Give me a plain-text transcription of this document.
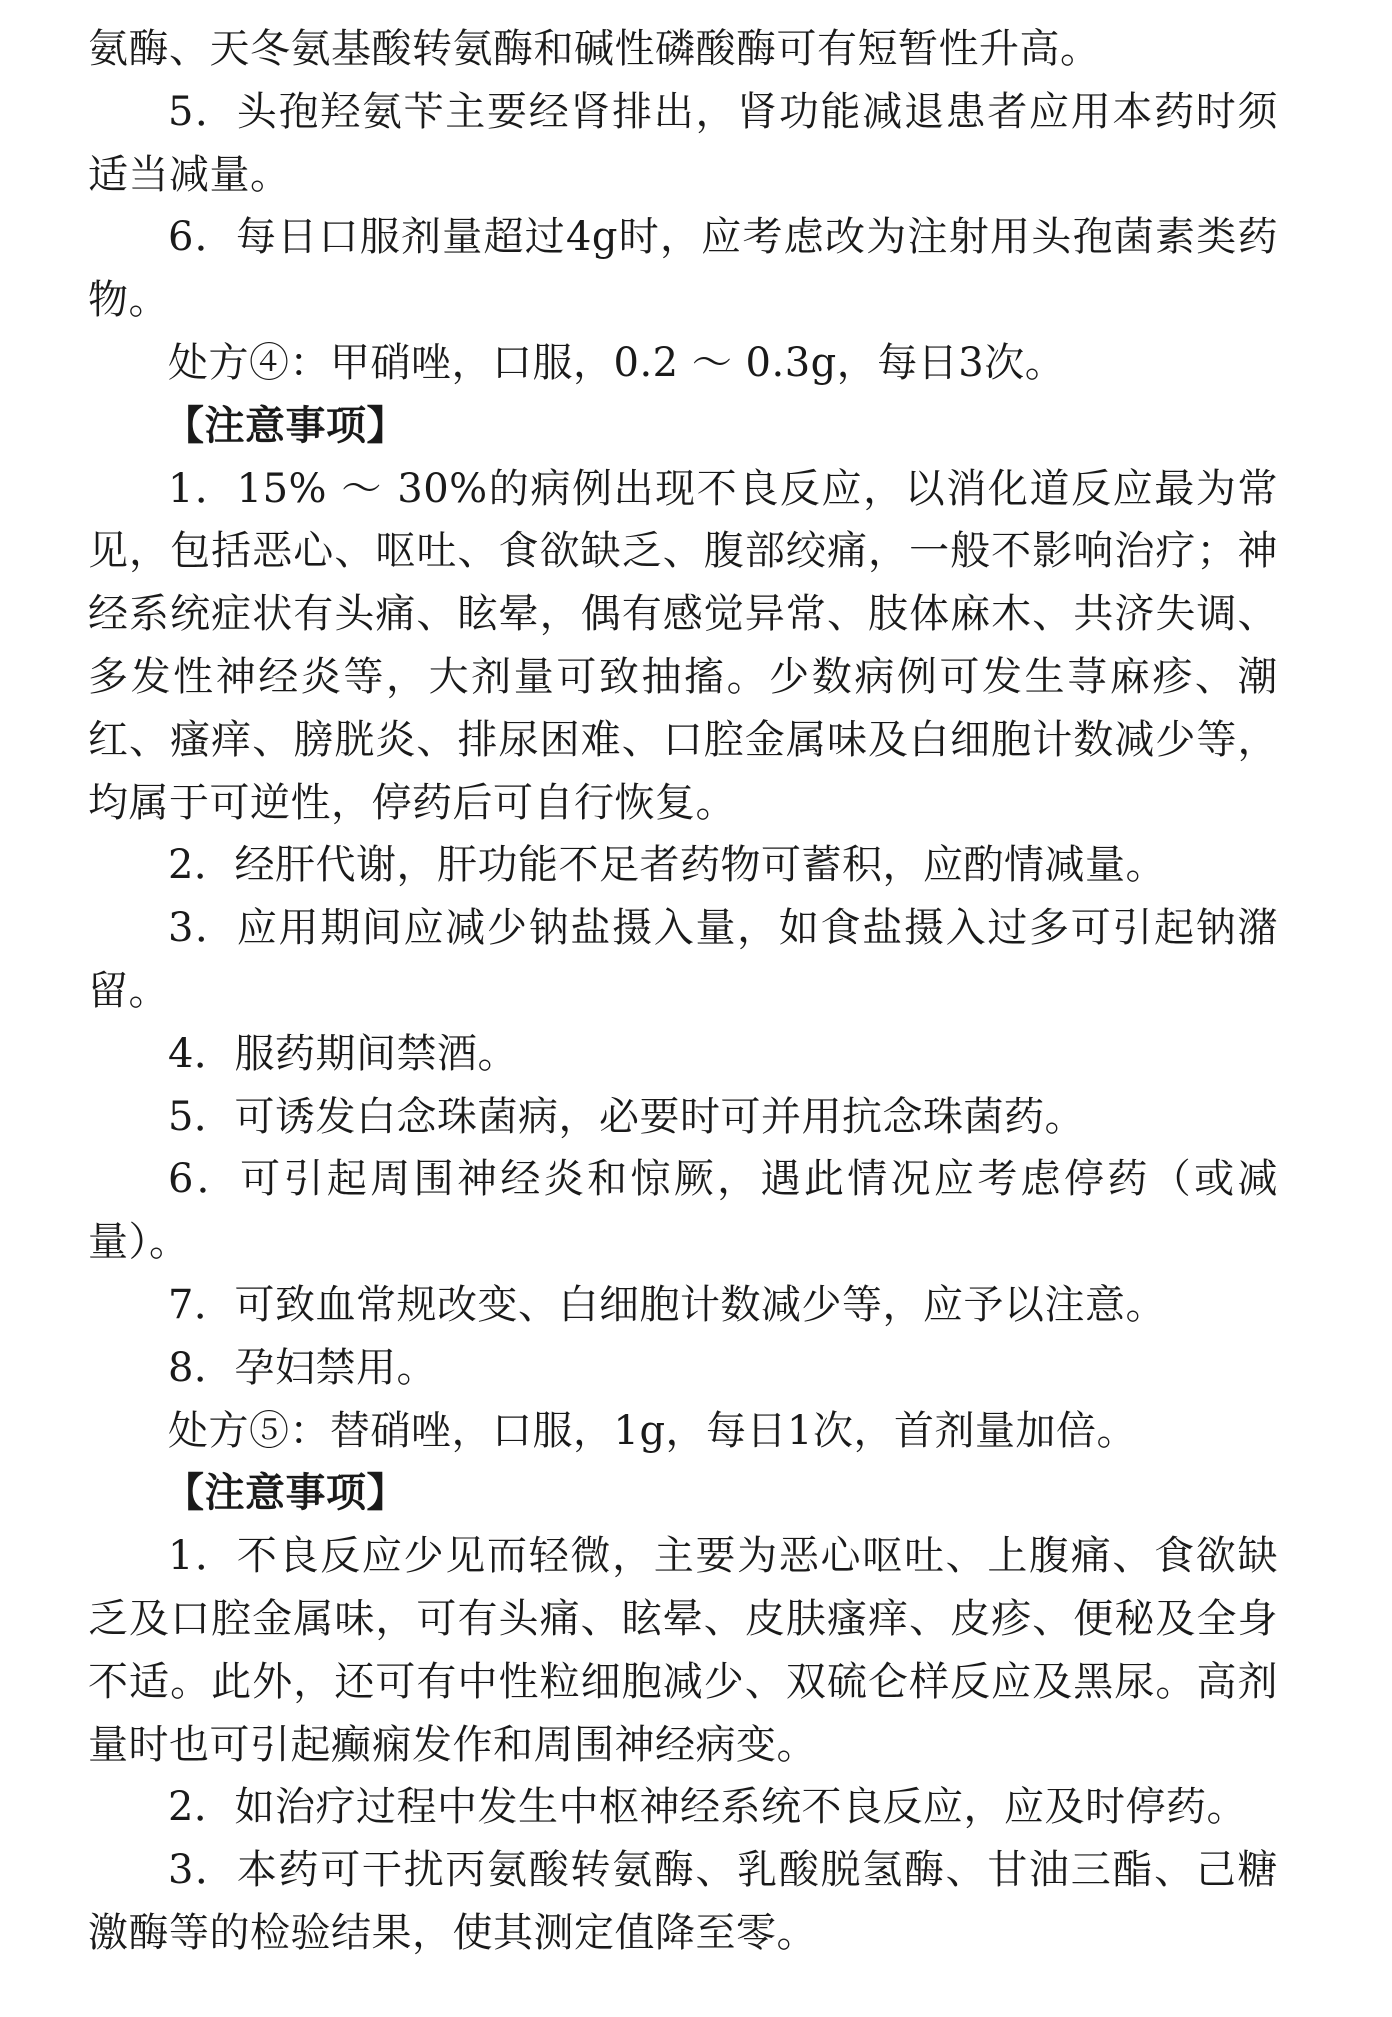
氨酶、天冬氨基酸转氨酶和碱性磷酸酶可有短暂性升高。

5．头孢羟氨苄主要经肾排出，肾功能减退患者应用本药时须适当减量。

6．每日口服剂量超过4g时，应考虑改为注射用头孢菌素类药物。

处方④：甲硝唑，口服，0.2 ～ 0.3g，每日3次。

【注意事项】

1．15% ～ 30%的病例出现不良反应，以消化道反应最为常见，包括恶心、呕吐、食欲缺乏、腹部绞痛，一般不影响治疗；神经系统症状有头痛、眩晕，偶有感觉异常、肢体麻木、共济失调、多发性神经炎等，大剂量可致抽搐。少数病例可发生荨麻疹、潮红、瘙痒、膀胱炎、排尿困难、口腔金属味及白细胞计数减少等，均属于可逆性，停药后可自行恢复。

2．经肝代谢，肝功能不足者药物可蓄积，应酌情减量。

3．应用期间应减少钠盐摄入量，如食盐摄入过多可引起钠潴留。

4．服药期间禁酒。

5．可诱发白念珠菌病，必要时可并用抗念珠菌药。

6．可引起周围神经炎和惊厥，遇此情况应考虑停药（或减量）。

7．可致血常规改变、白细胞计数减少等，应予以注意。

8．孕妇禁用。

处方⑤：替硝唑，口服，1g，每日1次，首剂量加倍。

【注意事项】

1．不良反应少见而轻微，主要为恶心呕吐、上腹痛、食欲缺乏及口腔金属味，可有头痛、眩晕、皮肤瘙痒、皮疹、便秘及全身不适。此外，还可有中性粒细胞减少、双硫仑样反应及黑尿。高剂量时也可引起癫痫发作和周围神经病变。

2．如治疗过程中发生中枢神经系统不良反应，应及时停药。

3．本药可干扰丙氨酸转氨酶、乳酸脱氢酶、甘油三酯、己糖激酶等的检验结果，使其测定值降至零。
